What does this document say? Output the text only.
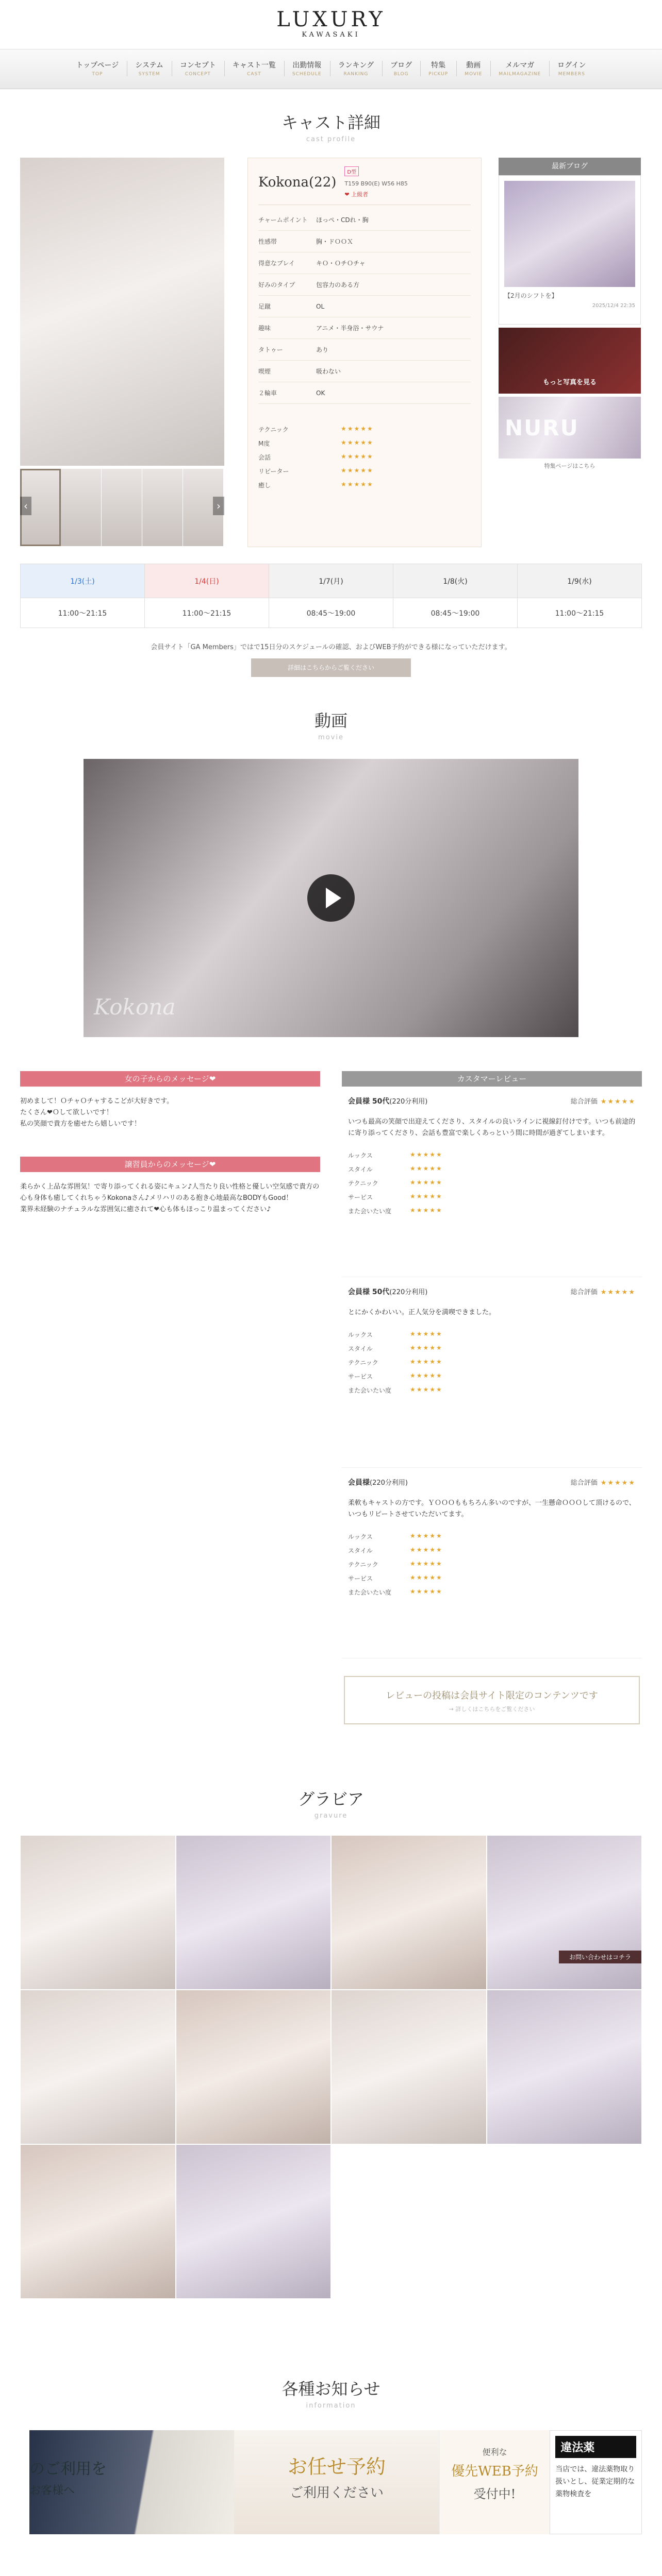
LUXURY
KAWASAKI
トップページ
TOP
システム
SYSTEM
コンセプト
CONCEPT
キャスト一覧
CAST
出勤情報
SCHEDULE
ランキング
RANKING
ブログ
BLOG
特集
PICKUP
動画
MOVIE
メルマガ
MAILMAGAZINE
ログイン
MEMBERS
キャスト詳細
cast profile
‹	›
Kokona(22)
D型
T159 B90(E) W56 H85
❤ 上級者
チャームポイント	ほっぺ・CDれ・胸
性感帯	胸・ドＯＯＸ
得意なプレイ	キＯ・ＯチＯチャ
好みのタイプ	包容力のある方
足蹴	OL
趣味	アニメ・半身浴・サウナ
タトゥー	あり
喫煙	吸わない
２輪車	OK
テクニック	★★★★★
M度	★★★★★
会話	★★★★★
リピーター	★★★★★
癒し	★★★★★
最新ブログ
【2月のシフトを】
2025/12/4 22:35
もっと写真を見る
NURU
特集ページはこちら
1/3(土)	1/4(日)	1/7(月)	1/8(火)	1/9(水)
11:00〜21:15	11:00〜21:15	08:45〜19:00	08:45〜19:00	11:00〜21:15

会員サイト「GA Members」ではで15日分のスケジュールの確認、およびWEB予約ができる様になっていただけます。

詳細はこちらからご覧ください
動画
movie
Kokona
女の子からのメッセージ❤

初めまして！ＯチャＯチャするこどが大好きです。
たくさん❤Ｏして欲しいです！
私の笑顔で貴方を癒せたら嬉しいです！

譲習員からのメッセージ❤

柔らかく上品な雰囲気！で寄り添ってくれる姿にキュン♪人当たり良い性格と優しい空気感で貴方の心も身体も癒してくれちゃうKokonaさん♪メリハリのある抱き心地最高なBODYもGood！
業界未経験のナチュラルな雰囲気に癒されて❤心も体もほっこり温まってください♪

カスタマーレビュー
会員様 50代(220分利用)	総合評価 ★★★★★

いつも最高の笑顔で出迎えてくださり、スタイルの良いラインに視線釘付けです。いつも前途的に寄り添ってくださり、会話も豊富で楽しくあっという間に時間が過ぎてしまいます。

ルックス	★★★★★
スタイル	★★★★★
テクニック	★★★★★
サービス	★★★★★
また会いたい度	★★★★★
会員様 50代(220分利用)	総合評価 ★★★★★

とにかくかわいい。正人気分を満喫できました。

ルックス	★★★★★
スタイル	★★★★★
テクニック	★★★★★
サービス	★★★★★
また会いたい度	★★★★★
会員様(220分利用)	総合評価 ★★★★★

柔軟もキャストの方です。ＹＯＯＯももちろん多いのですが、一生懸命ＯＯＯして頂けるので、いつもリピートさせていただいてます。

ルックス	★★★★★
スタイル	★★★★★
テクニック	★★★★★
サービス	★★★★★
また会いたい度	★★★★★
レビューの投稿は会員サイト限定のコンテンツです
→ 詳しくはこちらをご覧ください
グラビア
gravure
お問い合わせはコチラ
各種お知らせ
information
のご利用を
お客様へ
お任せ予約
ご利用ください
便利な
優先WEB予約
受付中!
違法薬
当店では、違法薬物取り扱いとし、従業定期的な薬物検査を
